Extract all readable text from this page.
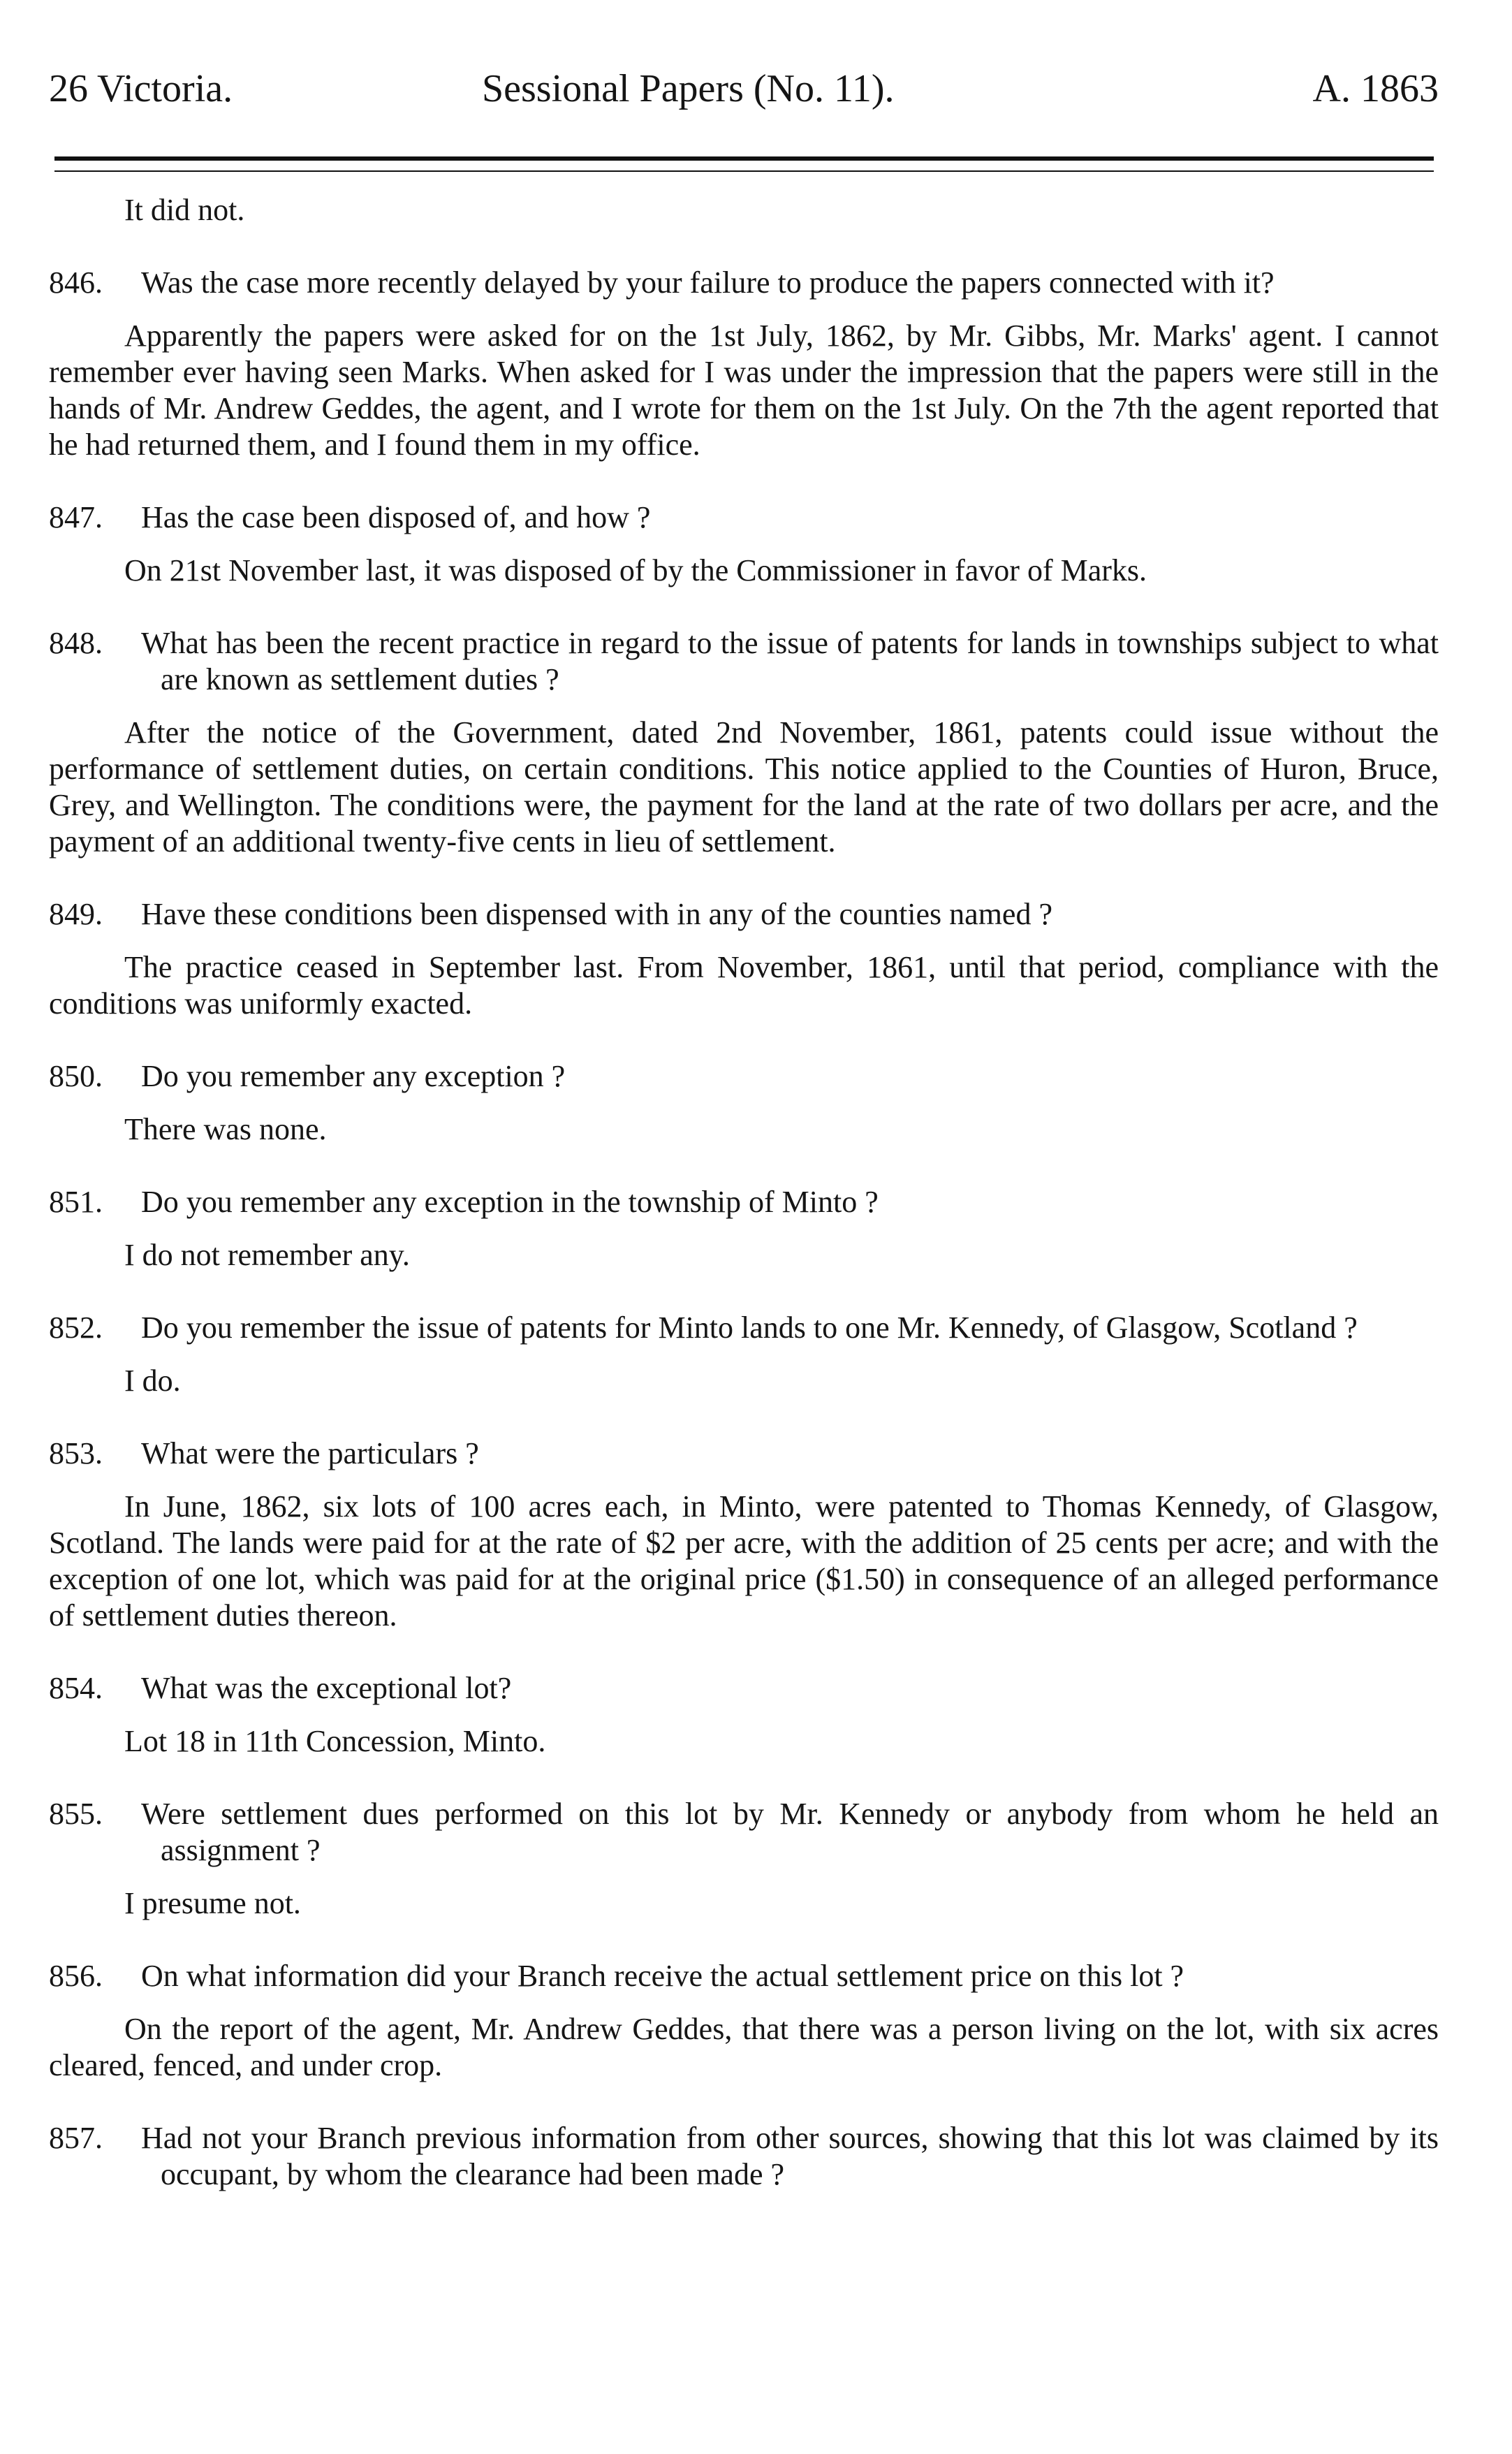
26 Victoria.	Sessional Papers (No. 11).	A. 1863

It did not.

846. Was the case more recently delayed by your failure to produce the papers connected with it?

Apparently the papers were asked for on the 1st July, 1862, by Mr. Gibbs, Mr. Marks' agent. I cannot remember ever having seen Marks. When asked for I was under the impression that the papers were still in the hands of Mr. Andrew Geddes, the agent, and I wrote for them on the 1st July. On the 7th the agent reported that he had returned them, and I found them in my office.

847. Has the case been disposed of, and how ?

On 21st November last, it was disposed of by the Commissioner in favor of Marks.

848. What has been the recent practice in regard to the issue of patents for lands in townships subject to what are known as settlement duties ?

After the notice of the Government, dated 2nd November, 1861, patents could issue without the performance of settlement duties, on certain conditions. This notice applied to the Counties of Huron, Bruce, Grey, and Wellington. The conditions were, the payment for the land at the rate of two dollars per acre, and the payment of an additional twenty-five cents in lieu of settlement.

849. Have these conditions been dispensed with in any of the counties named ?

The practice ceased in September last. From November, 1861, until that period, compliance with the conditions was uniformly exacted.

850. Do you remember any exception ?

There was none.

851. Do you remember any exception in the township of Minto ?

I do not remember any.

852. Do you remember the issue of patents for Minto lands to one Mr. Kennedy, of Glasgow, Scotland ?

I do.

853. What were the particulars ?

In June, 1862, six lots of 100 acres each, in Minto, were patented to Thomas Kennedy, of Glasgow, Scotland. The lands were paid for at the rate of $2 per acre, with the addition of 25 cents per acre; and with the exception of one lot, which was paid for at the original price ($1.50) in consequence of an alleged performance of settlement duties thereon.

854. What was the exceptional lot?

Lot 18 in 11th Concession, Minto.

855. Were settlement dues performed on this lot by Mr. Kennedy or anybody from whom he held an assignment ?

I presume not.

856. On what information did your Branch receive the actual settlement price on this lot ?

On the report of the agent, Mr. Andrew Geddes, that there was a person living on the lot, with six acres cleared, fenced, and under crop.

857. Had not your Branch previous information from other sources, showing that this lot was claimed by its occupant, by whom the clearance had been made ?
